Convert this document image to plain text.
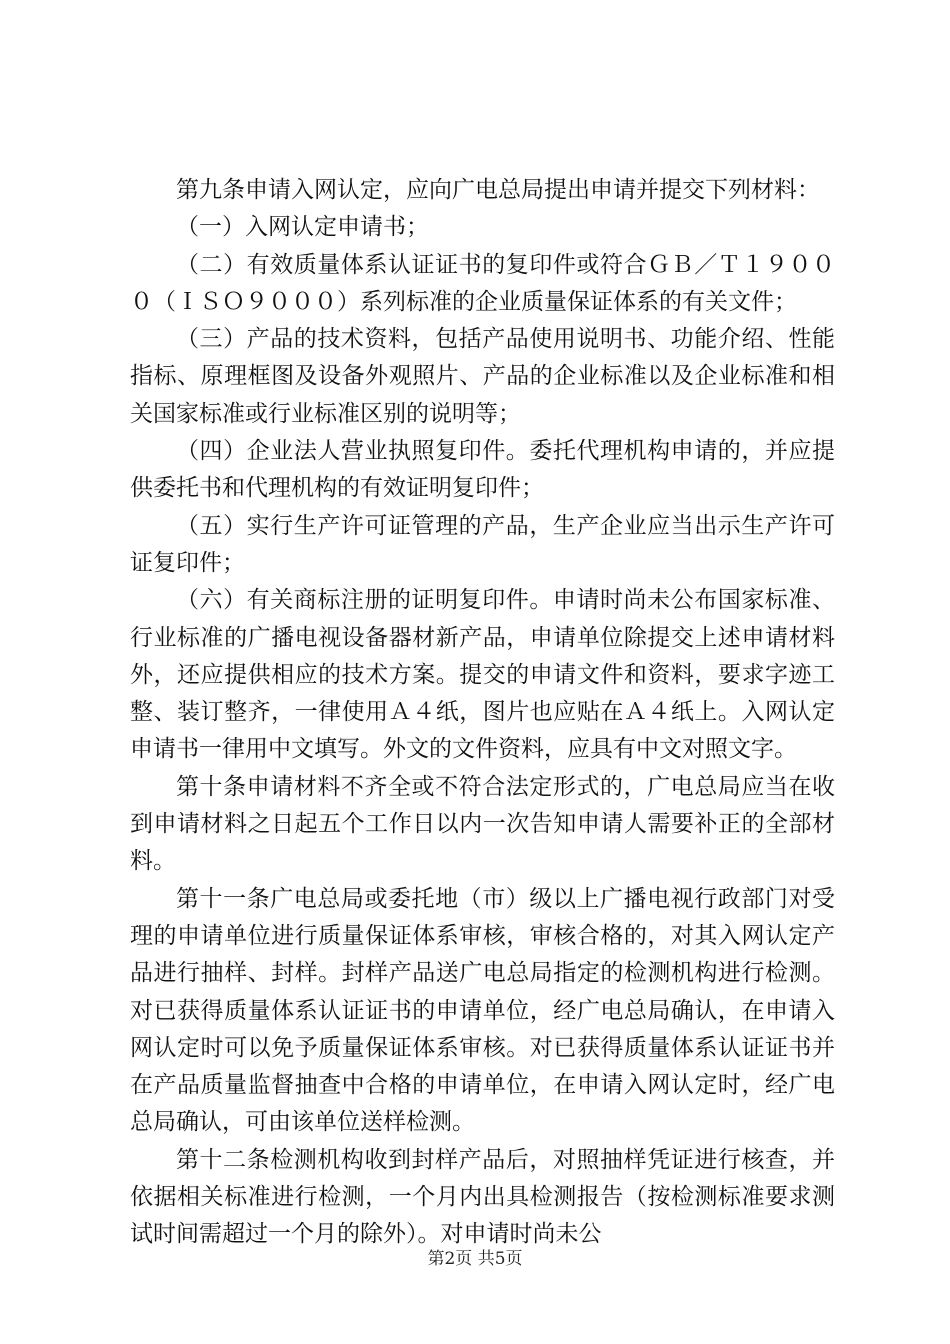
第九条申请入网认定，应向广电总局提出申请并提交下列材料：

（一）入网认定申请书；

（二）有效质量体系认证证书的复印件或符合ＧＢ／Ｔ１９０００（ＩＳＯ９０００）系列标准的企业质量保证体系的有关文件；

（三）产品的技术资料，包括产品使用说明书、功能介绍、性能指标、原理框图及设备外观照片、产品的企业标准以及企业标准和相关国家标准或行业标准区别的说明等；

（四）企业法人营业执照复印件。委托代理机构申请的，并应提供委托书和代理机构的有效证明复印件；

（五）实行生产许可证管理的产品，生产企业应当出示生产许可证复印件；

（六）有关商标注册的证明复印件。申请时尚未公布国家标准、行业标准的广播电视设备器材新产品，申请单位除提交上述申请材料外，还应提供相应的技术方案。提交的申请文件和资料，要求字迹工整、装订整齐，一律使用Ａ４纸，图片也应贴在Ａ４纸上。入网认定申请书一律用中文填写。外文的文件资料，应具有中文对照文字。

第十条申请材料不齐全或不符合法定形式的，广电总局应当在收到申请材料之日起五个工作日以内一次告知申请人需要补正的全部材料。

第十一条广电总局或委托地（市）级以上广播电视行政部门对受理的申请单位进行质量保证体系审核，审核合格的，对其入网认定产品进行抽样、封样。封样产品送广电总局指定的检测机构进行检测。对已获得质量体系认证证书的申请单位，经广电总局确认，在申请入网认定时可以免予质量保证体系审核。对已获得质量体系认证证书并在产品质量监督抽查中合格的申请单位，在申请入网认定时，经广电总局确认，可由该单位送样检测。

第十二条检测机构收到封样产品后，对照抽样凭证进行核查，并依据相关标准进行检测，一个月内出具检测报告（按检测标准要求测试时间需超过一个月的除外）。对申请时尚未公

第2页 共5页
